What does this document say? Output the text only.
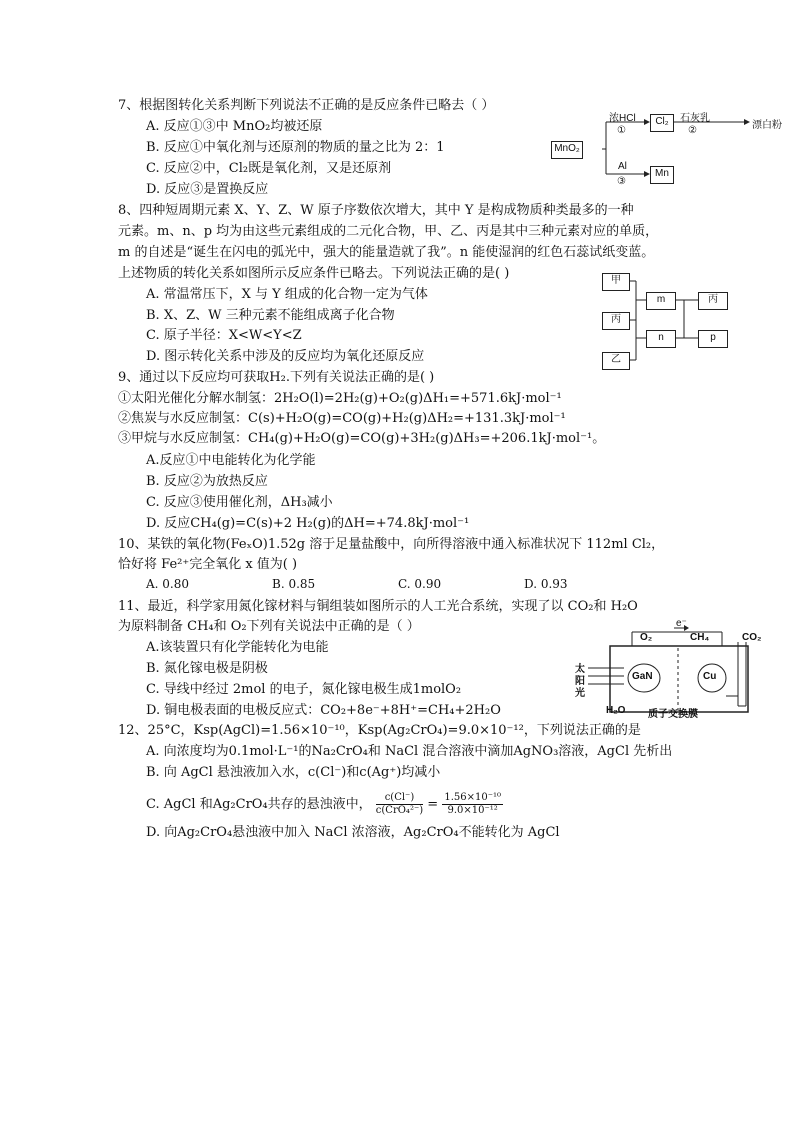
7、根据图转化关系判断下列说法不正确的是反应条件已略去（ ）
A. 反应①③中 MnO₂均被还原
B. 反应①中氧化剂与还原剂的物质的量之比为 2：1
C. 反应②中，Cl₂既是氧化剂，又是还原剂
D. 反应③是置换反应
MnO₂
Cl₂
Mn
浓HCl
①
Al
③
石灰乳
②	漂白粉
8、四种短周期元素 X、Y、Z、W 原子序数依次增大，其中 Y 是构成物质种类最多的一种
元素。m、n、p 均为由这些元素组成的二元化合物，甲、乙、丙是其中三种元素对应的单质，
m 的自述是“诞生在闪电的弧光中，强大的能量造就了我”。n 能使湿润的红色石蕊试纸变蓝。
上述物质的转化关系如图所示反应条件已略去。下列说法正确的是( )
A. 常温常压下，X 与 Y 组成的化合物一定为气体
B. X、Z、W 三种元素不能组成离子化合物
C. 原子半径：X<W<Y<Z
D. 图示转化关系中涉及的反应均为氧化还原反应
甲
丙
乙
m
n
丙
p
9、通过以下反应均可获取H₂.下列有关说法正确的是( )
①太阳光催化分解水制氢：2H₂O(l)=2H₂(g)+O₂(g)ΔH₁=+571.6kJ·mol⁻¹
②焦炭与水反应制氢：C(s)+H₂O(g)=CO(g)+H₂(g)ΔH₂=+131.3kJ·mol⁻¹
③甲烷与水反应制氢：CH₄(g)+H₂O(g)=CO(g)+3H₂(g)ΔH₃=+206.1kJ·mol⁻¹。
A.反应①中电能转化为化学能
B. 反应②为放热反应
C. 反应③使用催化剂，ΔH₃减小
D. 反应CH₄(g)=C(s)+2 H₂(g)的ΔH=+74.8kJ·mol⁻¹
10、某铁的氧化物(FeₓO)1.52g 溶于足量盐酸中，向所得溶液中通入标准状况下 112ml Cl₂，
恰好将 Fe²⁺完全氧化 x 值为( )
A. 0.80	B. 0.85	C. 0.90	D. 0.93
11、最近，科学家用氮化镓材料与铜组装如图所示的人工光合系统，实现了以 CO₂和 H₂O
为原料制备 CH₄和 O₂下列有关说法中正确的是（ ）
A.该装置只有化学能转化为电能
B. 氮化镓电极是阴极
C. 导线中经过 2mol 的电子，氮化镓电极生成1molO₂
D. 铜电极表面的电极反应式：CO₂+8e⁻+8H⁺=CH₄+2H₂O
e⁻
O₂	CH₄	CO₂
太
阳
光
GaN	Cu
H₂O 质子交换膜
12、25°C，Ksp(AgCl)=1.56×10⁻¹⁰，Ksp(Ag₂CrO₄)=9.0×10⁻¹²，下列说法正确的是
A. 向浓度均为0.1mol·L⁻¹的Na₂CrO₄和 NaCl 混合溶液中滴加AgNO₃溶液，AgCl 先析出
B. 向 AgCl 悬浊液加入水，c(Cl⁻)和c(Ag⁺)均减小
C. AgCl 和Ag₂CrO₄共存的悬浊液中， $\frac{c(Cl^-)}{\text{c(CrO₄²⁻)}} = \frac{\text{1.56×10⁻¹⁰}}{\text{9.0×10⁻¹²}}$
D. 向Ag₂CrO₄悬浊液中加入 NaCl 浓溶液，Ag₂CrO₄不能转化为 AgCl
